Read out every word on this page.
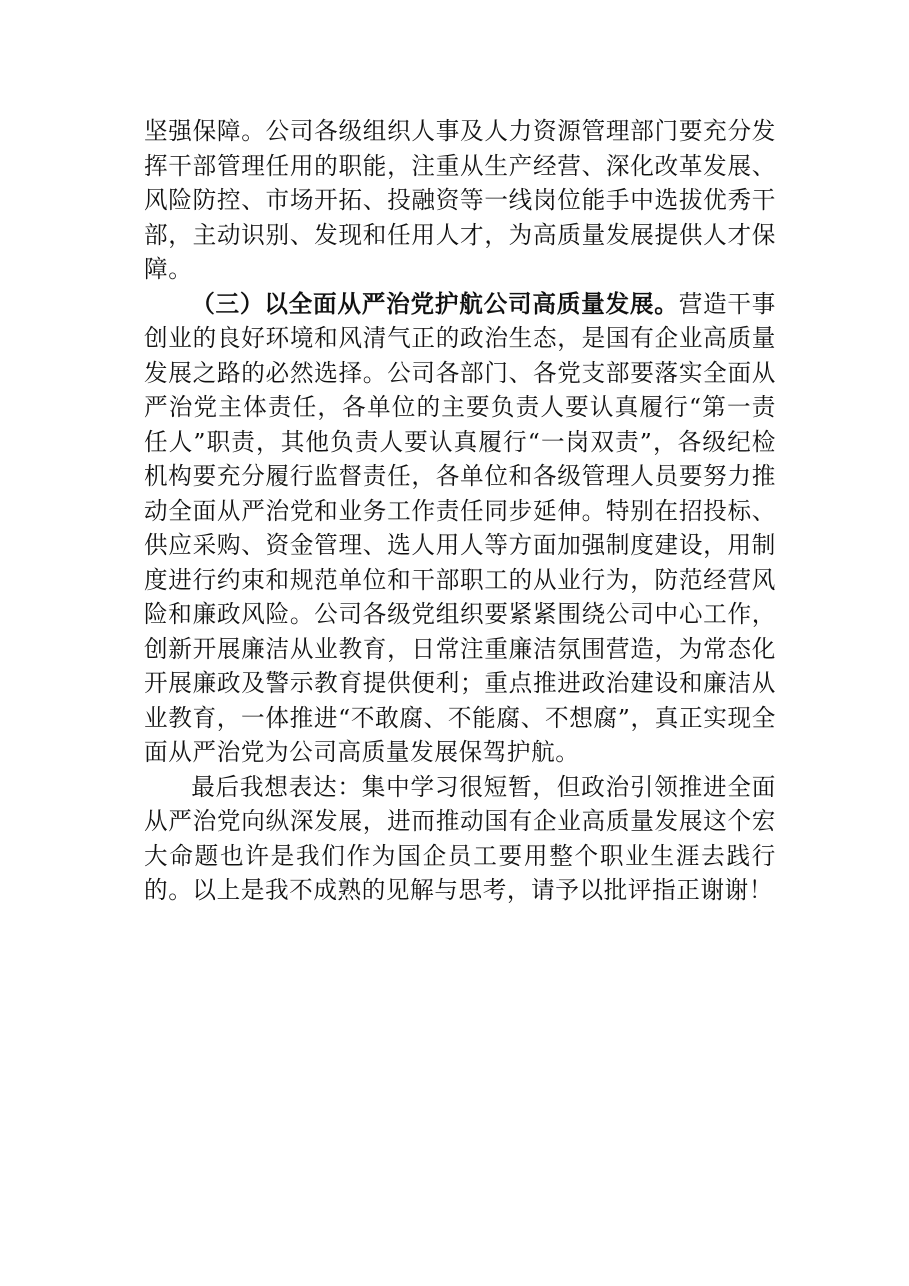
坚强保障。公司各级组织人事及人力资源管理部门要充分发挥干部管理任用的职能，注重从生产经营、深化改革发展、风险防控、市场开拓、投融资等一线岗位能手中选拔优秀干部，主动识别、发现和任用人才，为高质量发展提供人才保障。

（三）以全面从严治党护航公司高质量发展。营造干事创业的良好环境和风清气正的政治生态，是国有企业高质量发展之路的必然选择。公司各部门、各党支部要落实全面从严治党主体责任，各单位的主要负责人要认真履行“第一责任人”职责，其他负责人要认真履行“一岗双责”，各级纪检机构要充分履行监督责任，各单位和各级管理人员要努力推动全面从严治党和业务工作责任同步延伸。特别在招投标、供应采购、资金管理、选人用人等方面加强制度建设，用制度进行约束和规范单位和干部职工的从业行为，防范经营风险和廉政风险。公司各级党组织要紧紧围绕公司中心工作，创新开展廉洁从业教育，日常注重廉洁氛围营造，为常态化开展廉政及警示教育提供便利；重点推进政治建设和廉洁从业教育，一体推进“不敢腐、不能腐、不想腐”，真正实现全面从严治党为公司高质量发展保驾护航。

最后我想表达：集中学习很短暂，但政治引领推进全面从严治党向纵深发展，进而推动国有企业高质量发展这个宏大命题也许是我们作为国企员工要用整个职业生涯去践行的。以上是我不成熟的见解与思考，请予以批评指正谢谢！
